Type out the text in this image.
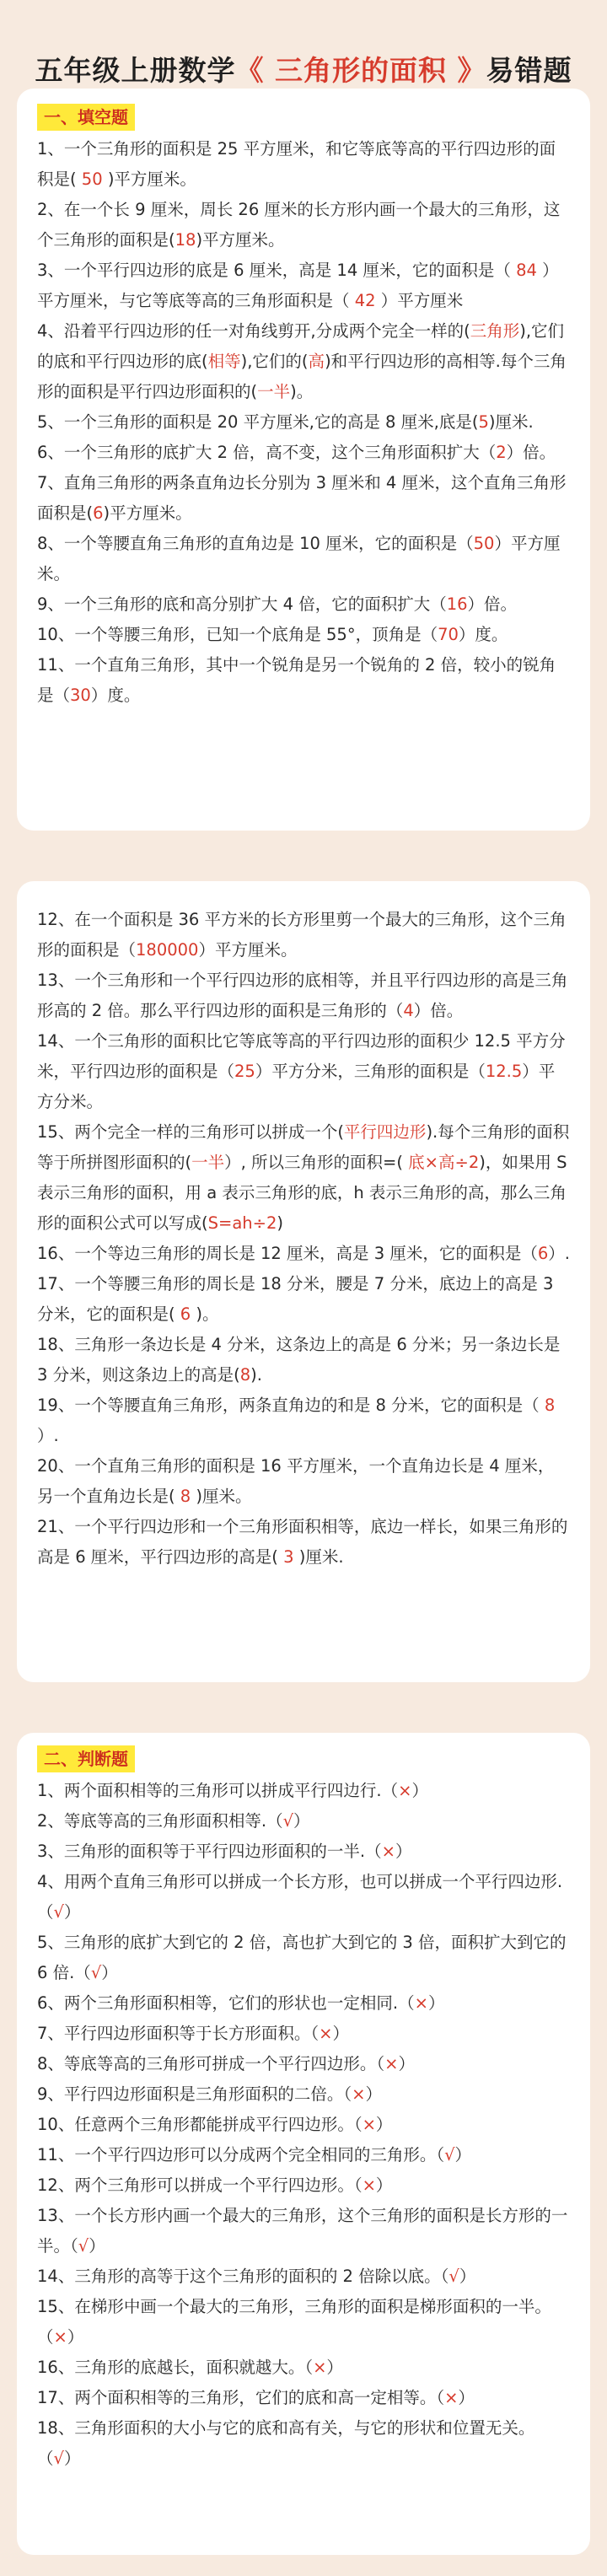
五年级上册数学《 三角形的面积 》易错题
一、填空题

1、一个三角形的面积是 25 平方厘米，和它等底等高的平行四边形的面积是( 50 )平方厘米。

2、在一个长 9 厘米，周长 26 厘米的长方形内画一个最大的三角形，这个三角形的面积是(18)平方厘米。

3、一个平行四边形的底是 6 厘米，高是 14 厘米，它的面积是（ 84 ）平方厘米，与它等底等高的三角形面积是（ 42 ）平方厘米

4、沿着平行四边形的任一对角线剪开,分成两个完全一样的(三角形),它们的底和平行四边形的底(相等),它们的(高)和平行四边形的高相等.每个三角形的面积是平行四边形面积的(一半)。

5、一个三角形的面积是 20 平方厘米,它的高是 8 厘米,底是(5)厘米.

6、一个三角形的底扩大 2 倍，高不变，这个三角形面积扩大（2）倍。

7、直角三角形的两条直角边长分别为 3 厘米和 4 厘米，这个直角三角形面积是(6)平方厘米。

8、一个等腰直角三角形的直角边是 10 厘米，它的面积是（50）平方厘米。

9、一个三角形的底和高分别扩大 4 倍，它的面积扩大（16）倍。

10、一个等腰三角形，已知一个底角是 55°，顶角是（70）度。

11、一个直角三角形，其中一个锐角是另一个锐角的 2 倍，较小的锐角是（30）度。

12、在一个面积是 36 平方米的长方形里剪一个最大的三角形，这个三角形的面积是（180000）平方厘米。

13、一个三角形和一个平行四边形的底相等，并且平行四边形的高是三角形高的 2 倍。那么平行四边形的面积是三角形的（4）倍。

14、一个三角形的面积比它等底等高的平行四边形的面积少 12.5 平方分米，平行四边形的面积是（25）平方分米，三角形的面积是（12.5）平方分米。

15、两个完全一样的三角形可以拼成一个(平行四边形).每个三角形的面积等于所拼图形面积的(一半）, 所以三角形的面积=( 底×高÷2)，如果用 S 表示三角形的面积，用 a 表示三角形的底，h 表示三角形的高，那么三角形的面积公式可以写成(S=ah÷2)

16、一个等边三角形的周长是 12 厘米，高是 3 厘米，它的面积是（6）.

17、一个等腰三角形的周长是 18 分米，腰是 7 分米，底边上的高是 3 分米，它的面积是( 6 )。

18、三角形一条边长是 4 分米，这条边上的高是 6 分米；另一条边长是 3 分米，则这条边上的高是(8).

19、一个等腰直角三角形，两条直角边的和是 8 分米，它的面积是（ 8 ）.

20、一个直角三角形的面积是 16 平方厘米，一个直角边长是 4 厘米，另一个直角边长是( 8 )厘米。

21、一个平行四边形和一个三角形面积相等，底边一样长，如果三角形的高是 6 厘米，平行四边形的高是( 3 )厘米.

二、判断题

1、两个面积相等的三角形可以拼成平行四边行.（×）

2、等底等高的三角形面积相等.（√）

3、三角形的面积等于平行四边形面积的一半.（×）

4、用两个直角三角形可以拼成一个长方形，也可以拼成一个平行四边形.（√）

5、三角形的底扩大到它的 2 倍，高也扩大到它的 3 倍，面积扩大到它的 6 倍.（√）

6、两个三角形面积相等，它们的形状也一定相同.（×）

7、平行四边形面积等于长方形面积。（×）

8、等底等高的三角形可拼成一个平行四边形。（×）

9、平行四边形面积是三角形面积的二倍。（×）

10、任意两个三角形都能拼成平行四边形。（×）

11、一个平行四边形可以分成两个完全相同的三角形。（√）

12、两个三角形可以拼成一个平行四边形。（×）

13、一个长方形内画一个最大的三角形，这个三角形的面积是长方形的一半。（√）

14、三角形的高等于这个三角形的面积的 2 倍除以底。（√）

15、在梯形中画一个最大的三角形，三角形的面积是梯形面积的一半。（×）

16、三角形的底越长，面积就越大。（×）

17、两个面积相等的三角形，它们的底和高一定相等。（×）

18、三角形面积的大小与它的底和高有关，与它的形状和位置无关。（√）
